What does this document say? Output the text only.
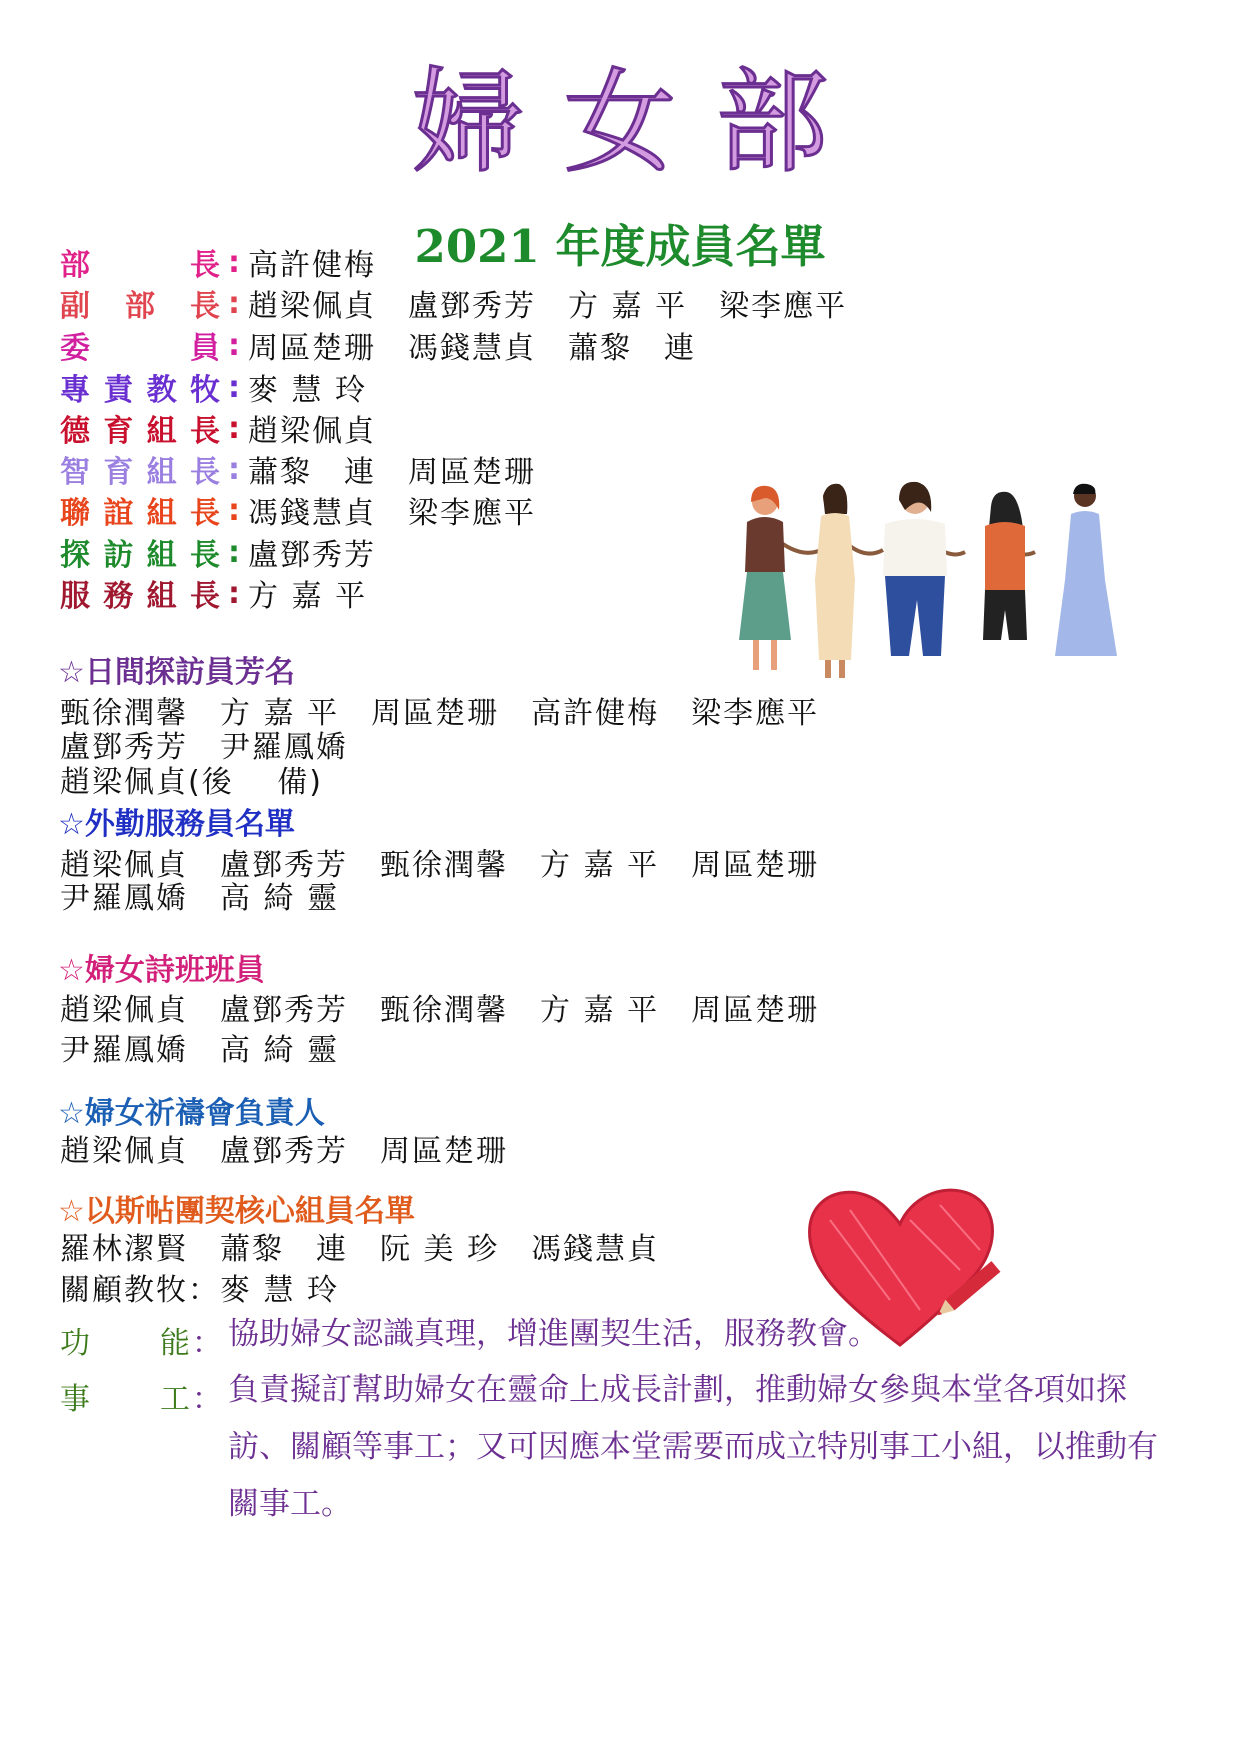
婦女部
2021 年度成員名單
部	長 : 高許健梅
副 部 長 : 趙梁佩貞　盧鄧秀芳　方 嘉 平　梁李應平
委	員 : 周區楚珊　馮錢慧貞　蕭黎　連
專 責 教 牧 : 麥 慧 玲
德 育 組 長 : 趙梁佩貞
智 育 組 長 : 蕭黎　連　周區楚珊
聯 誼 組 長 : 馮錢慧貞　梁李應平
探 訪 組 長 : 盧鄧秀芳
服 務 組 長 : 方 嘉 平
☆日間探訪員芳名
甄徐潤馨　方 嘉 平　周區楚珊　高許健梅　梁李應平
盧鄧秀芳　尹羅鳳嬌
趙梁佩貞(後　 備)
☆外勤服務員名單
趙梁佩貞　盧鄧秀芳　甄徐潤馨　方 嘉 平　周區楚珊
尹羅鳳嬌　高 綺 靈
☆婦女詩班班員
趙梁佩貞　盧鄧秀芳　甄徐潤馨　方 嘉 平　周區楚珊
尹羅鳳嬌　高 綺 靈
☆婦女祈禱會負責人
趙梁佩貞　盧鄧秀芳　周區楚珊
☆以斯帖團契核心組員名單
羅林潔賢　蕭黎　連　阮 美 珍　馮錢慧貞
關顧教牧：麥 慧 玲
功 能 ： 協助婦女認識真理，增進團契生活，服務教會。
事 工 ： 負責擬訂幫助婦女在靈命上成長計劃，推動婦女參與本堂各項如探訪、關顧等事工；又可因應本堂需要而成立特別事工小組，以推動有關事工。
